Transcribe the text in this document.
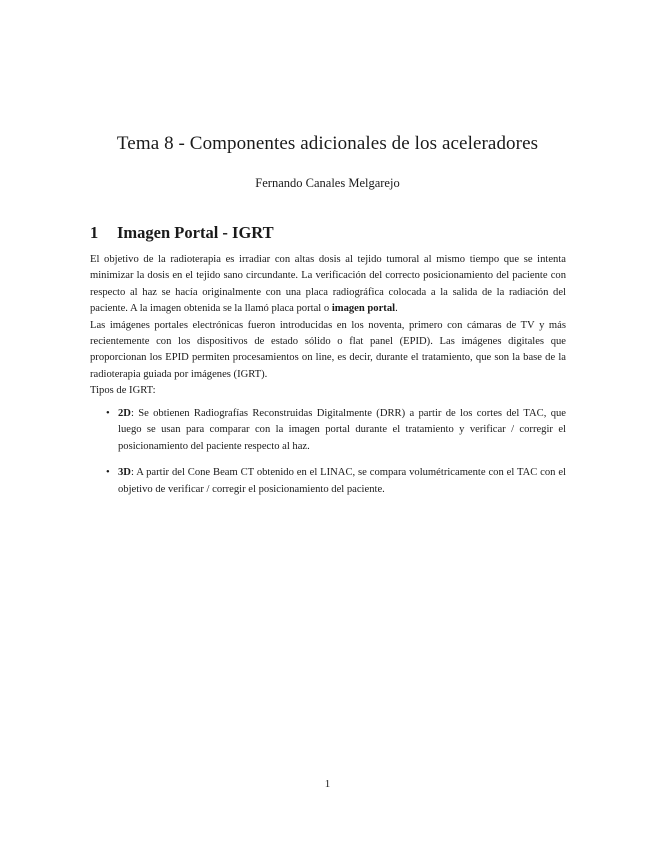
Tema 8 - Componentes adicionales de los aceleradores
Fernando Canales Melgarejo
1 Imagen Portal - IGRT

El objetivo de la radioterapia es irradiar con altas dosis al tejido tumoral al mismo tiempo que se intenta minimizar la dosis en el tejido sano circundante. La verificación del correcto posicionamiento del paciente con respecto al haz se hacía originalmente con una placa radiográfica colocada a la salida de la radiación del paciente. A la imagen obtenida se la llamó placa portal o imagen portal.

Las imágenes portales electrónicas fueron introducidas en los noventa, primero con cámaras de TV y más recientemente con los dispositivos de estado sólido o flat panel (EPID). Las imágenes digitales que proporcionan los EPID permiten procesamientos on line, es decir, durante el tratamiento, que son la base de la radioterapia guiada por imágenes (IGRT).

Tipos de IGRT:

• 2D: Se obtienen Radiografías Reconstruidas Digitalmente (DRR) a partir de los cortes del TAC, que luego se usan para comparar con la imagen portal durante el tratamiento y verificar / corregir el posicionamiento del paciente respecto al haz.
• 3D: A partir del Cone Beam CT obtenido en el LINAC, se compara volumétricamente con el TAC con el objetivo de verificar / corregir el posicionamiento del paciente.
1
